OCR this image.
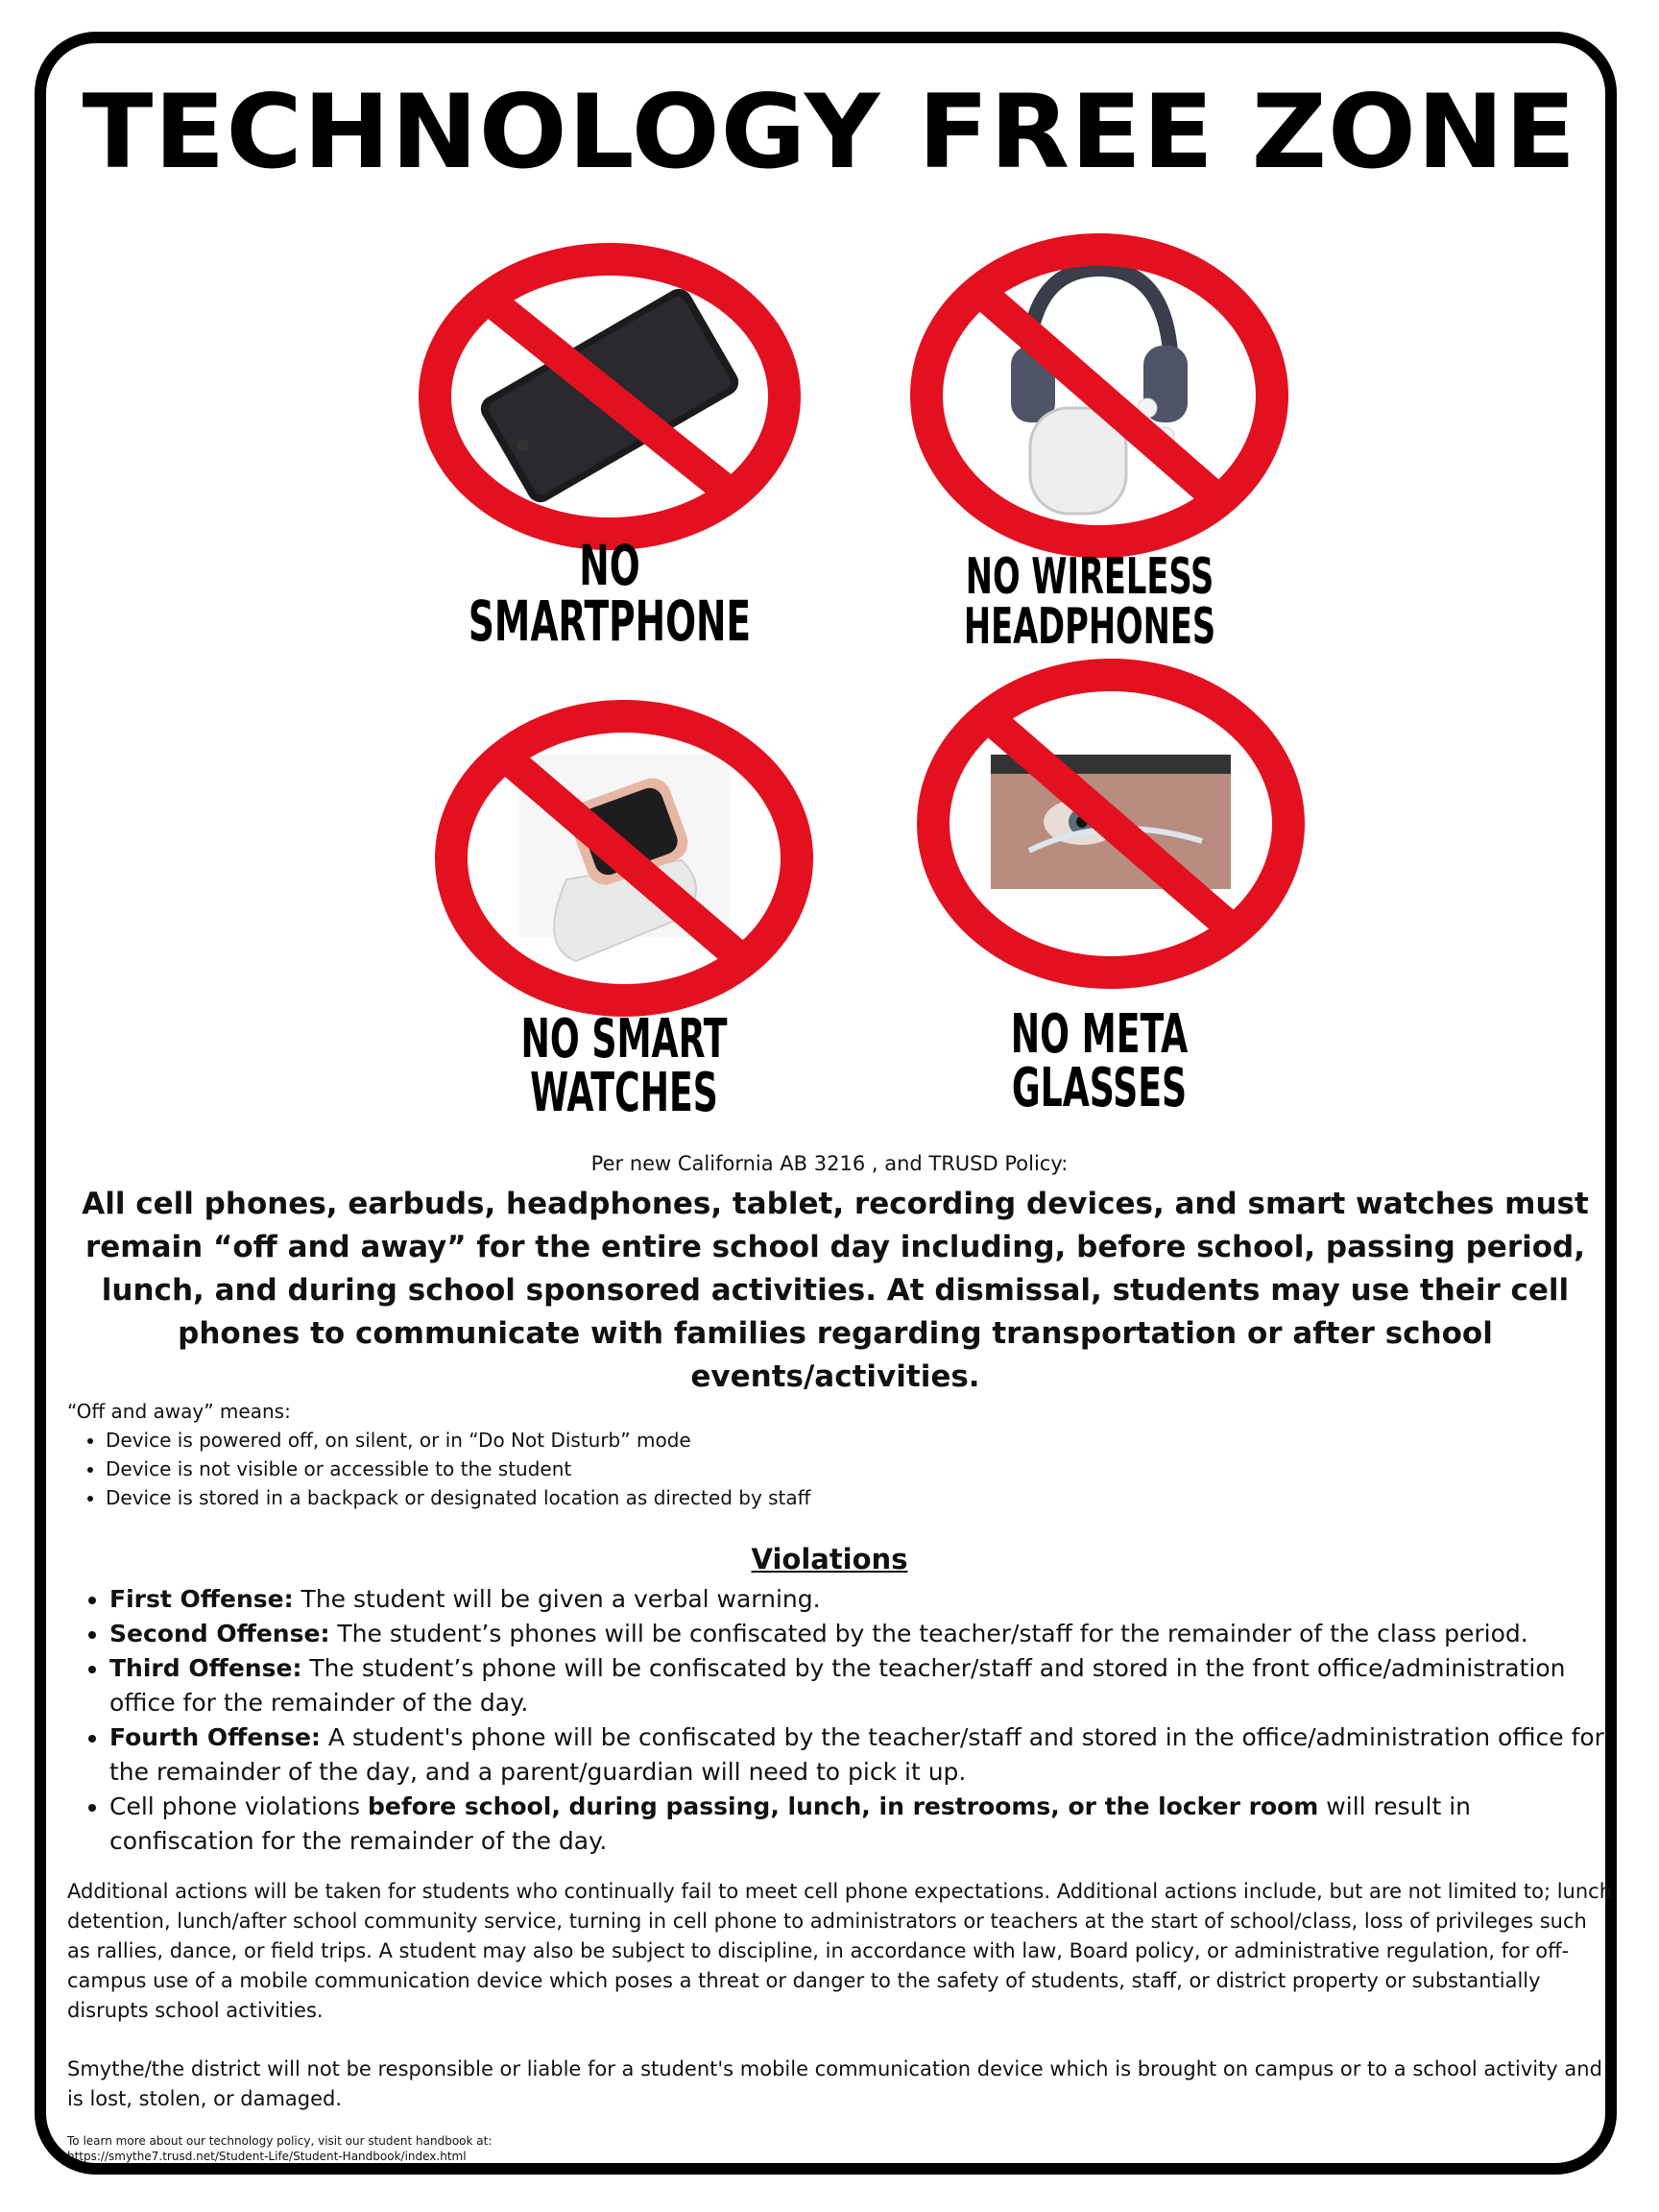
TECHNOLOGY FREE ZONE
NO SMARTPHONE
NO WIRELESS
HEADPHONES
NO SMART
WATCHES
NO META
GLASSES
Per new California AB 3216 , and TRUSD Policy:
All cell phones, earbuds, headphones, tablet, recording devices, and smart watches must remain “off and away” for the entire school day including, before school, passing period, lunch, and during school sponsored activities. At dismissal, students may use their cell phones to communicate with families regarding transportation or after school events/activities.
“Off and away” means:
• Device is powered off, on silent, or in “Do Not Disturb” mode
• Device is not visible or accessible to the student
• Device is stored in a backpack or designated location as directed by staff
Violations
• First Offense: The student will be given a verbal warning.
• Second Offense: The student’s phones will be confiscated by the teacher/staff for the remainder of the class period.
• Third Offense: The student’s phone will be confiscated by the teacher/staff and stored in the front office/administration office for the remainder of the day.
• Fourth Offense: A student's phone will be confiscated by the teacher/staff and stored in the office/administration office for the remainder of the day, and a parent/guardian will need to pick it up.
• Cell phone violations before school, during passing, lunch, in restrooms, or the locker room will result in confiscation for the remainder of the day.
Additional actions will be taken for students who continually fail to meet cell phone expectations. Additional actions include, but are not limited to; lunch detention, lunch/after school community service, turning in cell phone to administrators or teachers at the start of school/class, loss of privileges such as rallies, dance, or field trips. A student may also be subject to discipline, in accordance with law, Board policy, or administrative regulation, for off-campus use of a mobile communication device which poses a threat or danger to the safety of students, staff, or district property or substantially disrupts school activities.
Smythe/the district will not be responsible or liable for a student's mobile communication device which is brought on campus or to a school activity and is lost, stolen, or damaged.
To learn more about our technology policy, visit our student handbook at:
https://smythe7.trusd.net/Student-Life/Student-Handbook/index.html
